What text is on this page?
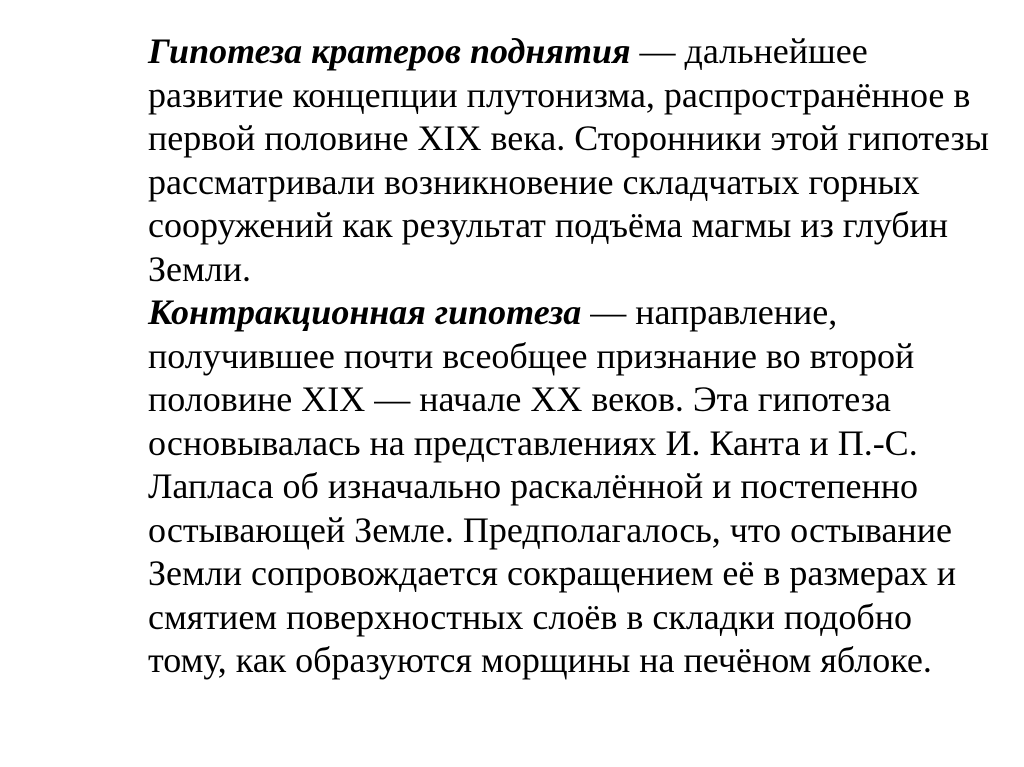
Гипотеза кратеров поднятия — дальнейшее
развитие концепции плутонизма, распространённое в
первой половине XIX века. Сторонники этой гипотезы
рассматривали возникновение складчатых горных
сооружений как результат подъёма магмы из глубин
Земли.

Контракционная гипотеза — направление,
получившее почти всеобщее признание во второй
половине XIX — начале XX веков. Эта гипотеза
основывалась на представлениях И. Канта и П.-С.
Лапласа об изначально раскалённой и постепенно
остывающей Земле. Предполагалось, что остывание
Земли сопровождается сокращением её в размерах и
смятием поверхностных слоёв в складки подобно
тому, как образуются морщины на печёном яблоке.
